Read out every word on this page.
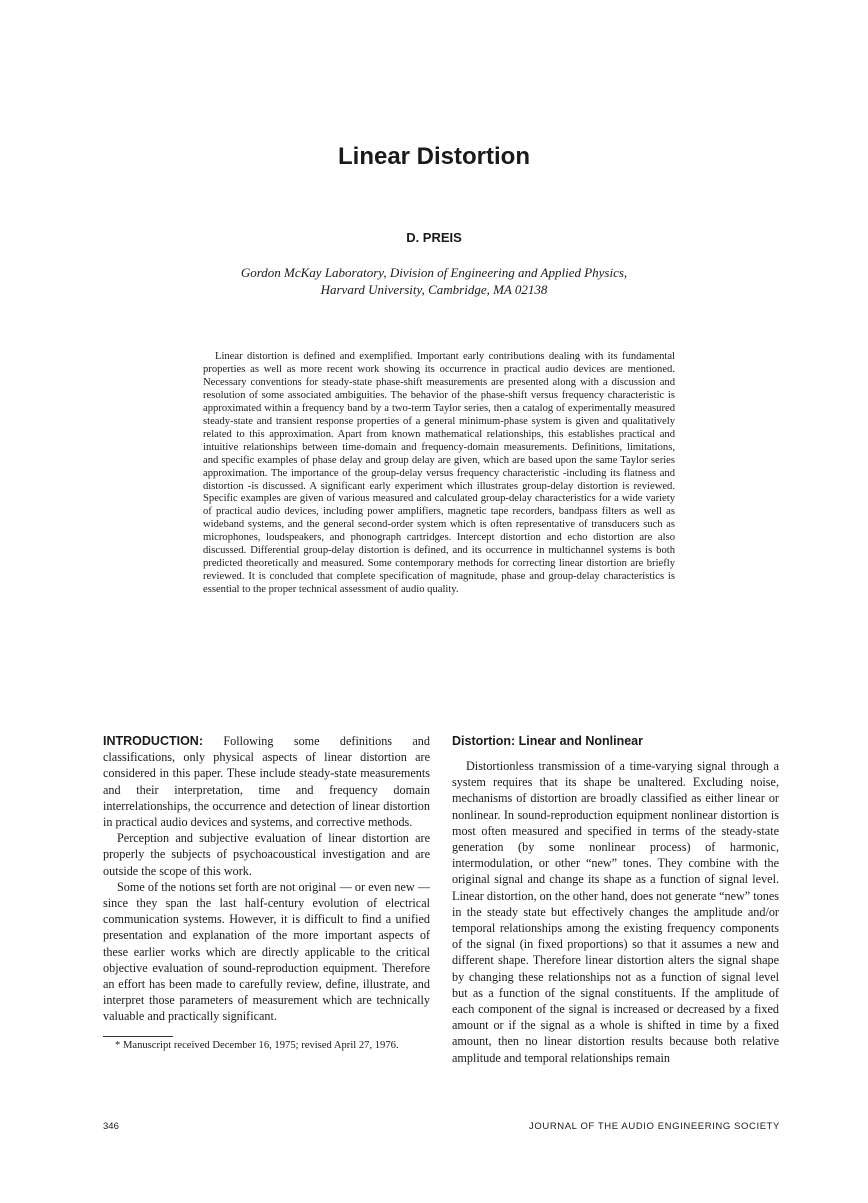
Linear Distortion
D. PREIS
Gordon McKay Laboratory, Division of Engineering and Applied Physics,
Harvard University, Cambridge, MA 02138

Linear distortion is defined and exemplified. Important early contributions dealing with its fundamental properties as well as more recent work showing its occurrence in practical audio devices are mentioned. Necessary conventions for steady-state phase-shift measurements are presented along with a discussion and resolution of some associated ambiguities. The behavior of the phase-shift versus frequency characteristic is approximated within a frequency band by a two-term Taylor series, then a catalog of experimentally measured steady-state and transient response properties of a general minimum-phase system is given and qualitatively related to this approximation. Apart from known mathematical relationships, this establishes practical and intuitive relationships between time-domain and frequency-domain measurements. Definitions, limitations, and specific examples of phase delay and group delay are given, which are based upon the same Taylor series approximation. The importance of the group-delay versus frequency characteristic -including its flatness and distortion -is discussed. A significant early experiment which illustrates group-delay distortion is reviewed. Specific examples are given of various measured and calculated group-delay characteristics for a wide variety of practical audio devices, including power amplifiers, magnetic tape recorders, bandpass filters as well as wideband systems, and the general second-order system which is often representative of transducers such as microphones, loudspeakers, and phonograph cartridges. Intercept distortion and echo distortion are also discussed. Differential group-delay distortion is defined, and its occurrence in multichannel systems is both predicted theoretically and measured. Some contemporary methods for correcting linear distortion are briefly reviewed. It is concluded that complete specification of magnitude, phase and group-delay characteristics is essential to the proper technical assessment of audio quality.

INTRODUCTION: Following some definitions and classifications, only physical aspects of linear distortion are considered in this paper. These include steady-state measurements and their interpretation, time and frequency domain interrelationships, the occurrence and detection of linear distortion in practical audio devices and systems, and corrective methods.

Perception and subjective evaluation of linear distortion are properly the subjects of psychoacoustical investigation and are outside the scope of this work.

Some of the notions set forth are not original — or even new — since they span the last half-century evolution of electrical communication systems. However, it is difficult to find a unified presentation and explanation of the more important aspects of these earlier works which are directly applicable to the critical objective evaluation of sound-reproduction equipment. Therefore an effort has been made to carefully review, define, illustrate, and interpret those parameters of measurement which are technically valuable and practically significant.

* Manuscript received December 16, 1975; revised April 27, 1976.
Distortion: Linear and Nonlinear

Distortionless transmission of a time-varying signal through a system requires that its shape be unaltered. Excluding noise, mechanisms of distortion are broadly classified as either linear or nonlinear. In sound-reproduction equipment nonlinear distortion is most often measured and specified in terms of the steady-state generation (by some nonlinear process) of harmonic, intermodulation, or other “new” tones. They combine with the original signal and change its shape as a function of signal level. Linear distortion, on the other hand, does not generate “new” tones in the steady state but effectively changes the amplitude and/or temporal relationships among the existing frequency components of the signal (in fixed proportions) so that it assumes a new and different shape. Therefore linear distortion alters the signal shape by changing these relationships not as a function of signal level but as a function of the signal constituents. If the amplitude of each component of the signal is increased or decreased by a fixed amount or if the signal as a whole is shifted in time by a fixed amount, then no linear distortion results because both relative amplitude and temporal relationships remain

346	JOURNAL OF THE AUDIO ENGINEERING SOCIETY
